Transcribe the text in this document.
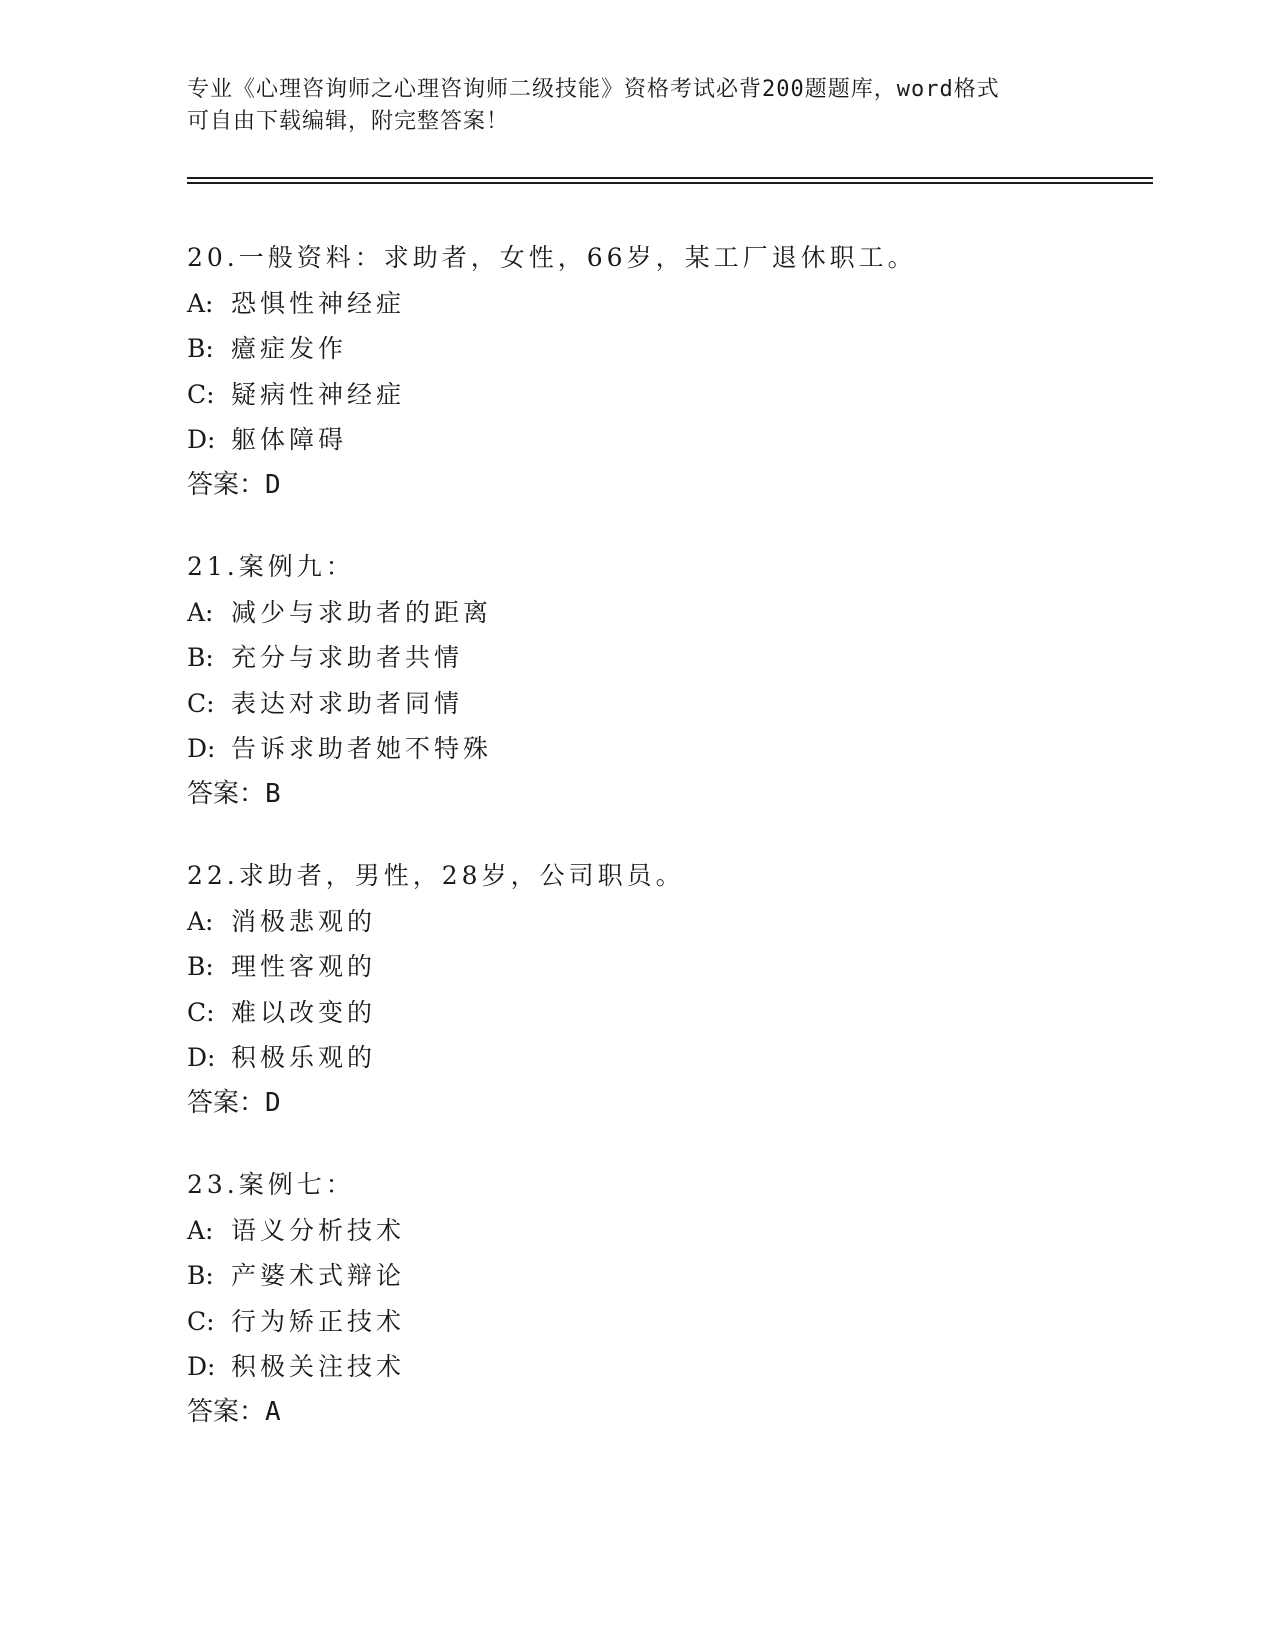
专业《心理咨询师之心理咨询师二级技能》资格考试必背200题题库，word格式
可自由下载编辑，附完整答案！
20.一般资料：求助者，女性，66岁，某工厂退休职工。
A: 恐惧性神经症
B: 癔症发作
C: 疑病性神经症
D: 躯体障碍
答案：D
21.案例九：
A: 减少与求助者的距离
B: 充分与求助者共情
C: 表达对求助者同情
D: 告诉求助者她不特殊
答案：B
22.求助者，男性，28岁，公司职员。
A: 消极悲观的
B: 理性客观的
C: 难以改变的
D: 积极乐观的
答案：D
23.案例七：
A: 语义分析技术
B: 产婆术式辩论
C: 行为矫正技术
D: 积极关注技术
答案：A
